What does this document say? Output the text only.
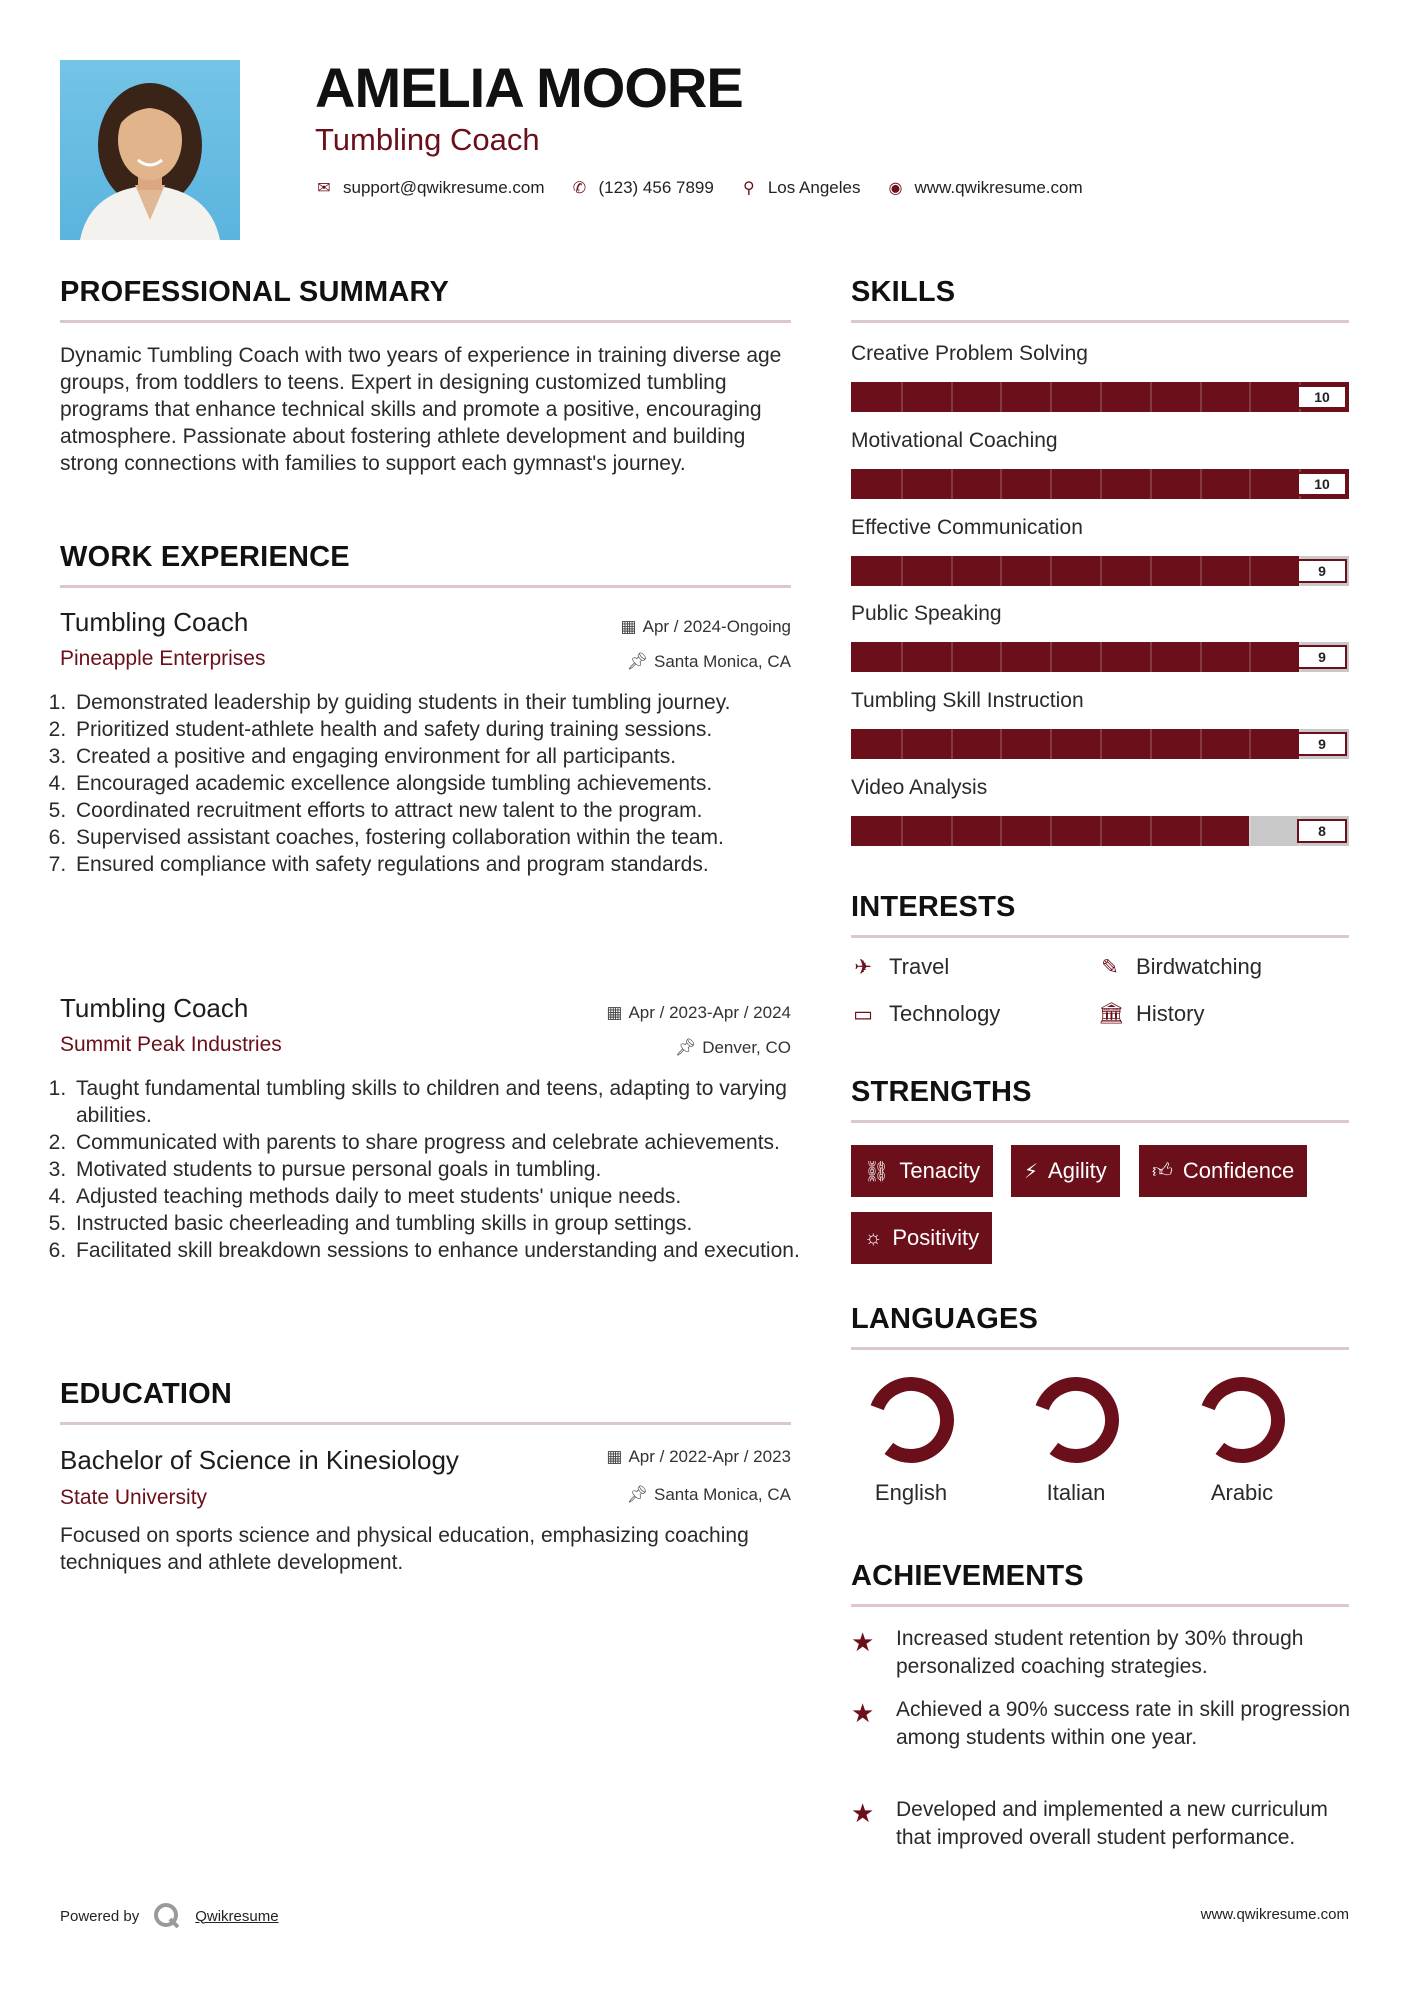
AMELIA MOORE
Tumbling Coach
✉ support@qwikresume.com ✆ (123) 456 7899 ⚲ Los Angeles ◉ www.qwikresume.com
PROFESSIONAL SUMMARY

Dynamic Tumbling Coach with two years of experience in training diverse age groups, from toddlers to teens. Expert in designing customized tumbling programs that enhance technical skills and promote a positive, encouraging atmosphere. Passionate about fostering athlete development and building strong connections with families to support each gymnast's journey.

WORK EXPERIENCE
Tumbling Coach	▦ Apr / 2024-Ongoing
Pineapple Enterprises	📌︎ Santa Monica, CA
1. Demonstrated leadership by guiding students in their tumbling journey.
2. Prioritized student-athlete health and safety during training sessions.
3. Created a positive and engaging environment for all participants.
4. Encouraged academic excellence alongside tumbling achievements.
5. Coordinated recruitment efforts to attract new talent to the program.
6. Supervised assistant coaches, fostering collaboration within the team.
7. Ensured compliance with safety regulations and program standards.
Tumbling Coach	▦ Apr / 2023-Apr / 2024
Summit Peak Industries	📌︎ Denver, CO
1. Taught fundamental tumbling skills to children and teens, adapting to varying abilities.
2. Communicated with parents to share progress and celebrate achievements.
3. Motivated students to pursue personal goals in tumbling.
4. Adjusted teaching methods daily to meet students' unique needs.
5. Instructed basic cheerleading and tumbling skills in group settings.
6. Facilitated skill breakdown sessions to enhance understanding and execution.
EDUCATION
Bachelor of Science in Kinesiology	▦ Apr / 2022-Apr / 2023
State University	📌︎ Santa Monica, CA

Focused on sports science and physical education, emphasizing coaching techniques and athlete development.

SKILLS
Creative Problem Solving
10
Motivational Coaching
10
Effective Communication
9
Public Speaking
9
Tumbling Skill Instruction
9
Video Analysis
8
INTERESTS
✈ Travel	✎ Birdwatching
▭ Technology	🏛︎ History
STRENGTHS
⛓ Tenacity ⚡ Agility 👍︎ Confidence
☼ Positivity
LANGUAGES
English	Italian	Arabic
ACHIEVEMENTS
★	Increased student retention by 30% through personalized coaching strategies.
★	Achieved a 90% success rate in skill progression among students within one year.
★	Developed and implemented a new curriculum that improved overall student performance.
Powered by	Qwikresume	www.qwikresume.com
